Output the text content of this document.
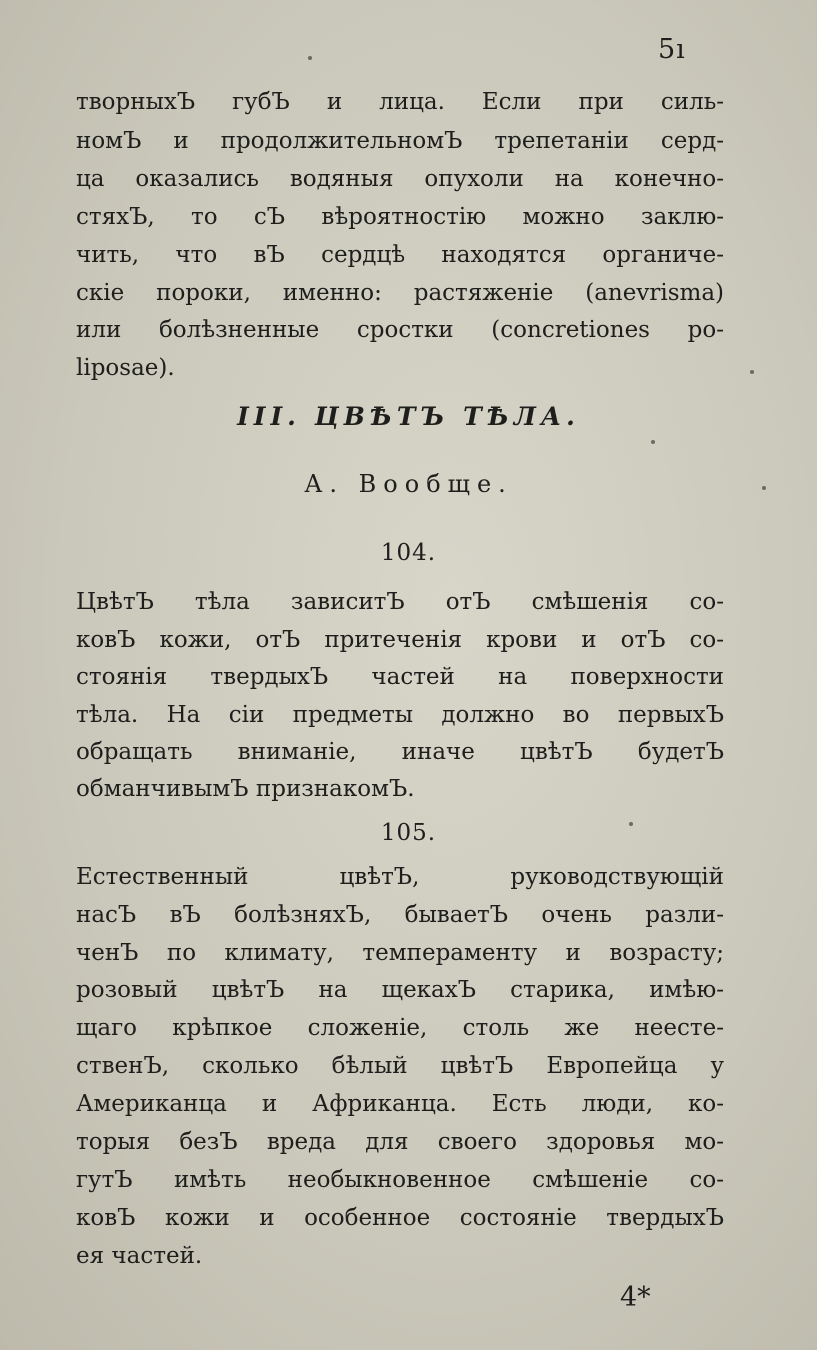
5ı
творныхЪ губЪ и лица. Если при силь-
номЪ и продолжительномЪ трепетаніи серд-
ца оказались водяныя опухоли на конечно-
стяхЪ, то сЪ вѣроятностію можно заклю-
чить, что вЪ сердцѣ находятся органиче-
скіе пороки, именно: растяженіе (anevrisma)
или болѣзненные сростки (concretiones po-
liposae).
III. ЦВѢТЪ ТѢЛА.
А. Вообще.
104.
ЦвѣтЪ тѣла зависитЪ отЪ смѣшенія со-
ковЪ кожи, отЪ притеченія крови и отЪ со-
стоянія твердыхЪ частей на поверхности
тѣла. На сіи предметы должно во первыхЪ
обращать вниманіе, иначе цвѣтЪ будетЪ
обманчивымЪ признакомЪ.
105.
Естественный цвѣтЪ, руководствующій
насЪ вЪ болѣзняхЪ, бываетЪ очень разли-
ченЪ по климату, темпераменту и возрасту;
розовый цвѣтЪ на щекахЪ старика, имѣю-
щаго крѣпкое сложеніе, столь же неесте-
ственЪ, сколько бѣлый цвѣтЪ Европейца у
Американца и Африканца. Есть люди, ко-
торыя безЪ вреда для своего здоровья мо-
гутЪ имѣть необыкновенное смѣшеніе со-
ковЪ кожи и особенное состояніе твердыхЪ
ея частей.
4*
